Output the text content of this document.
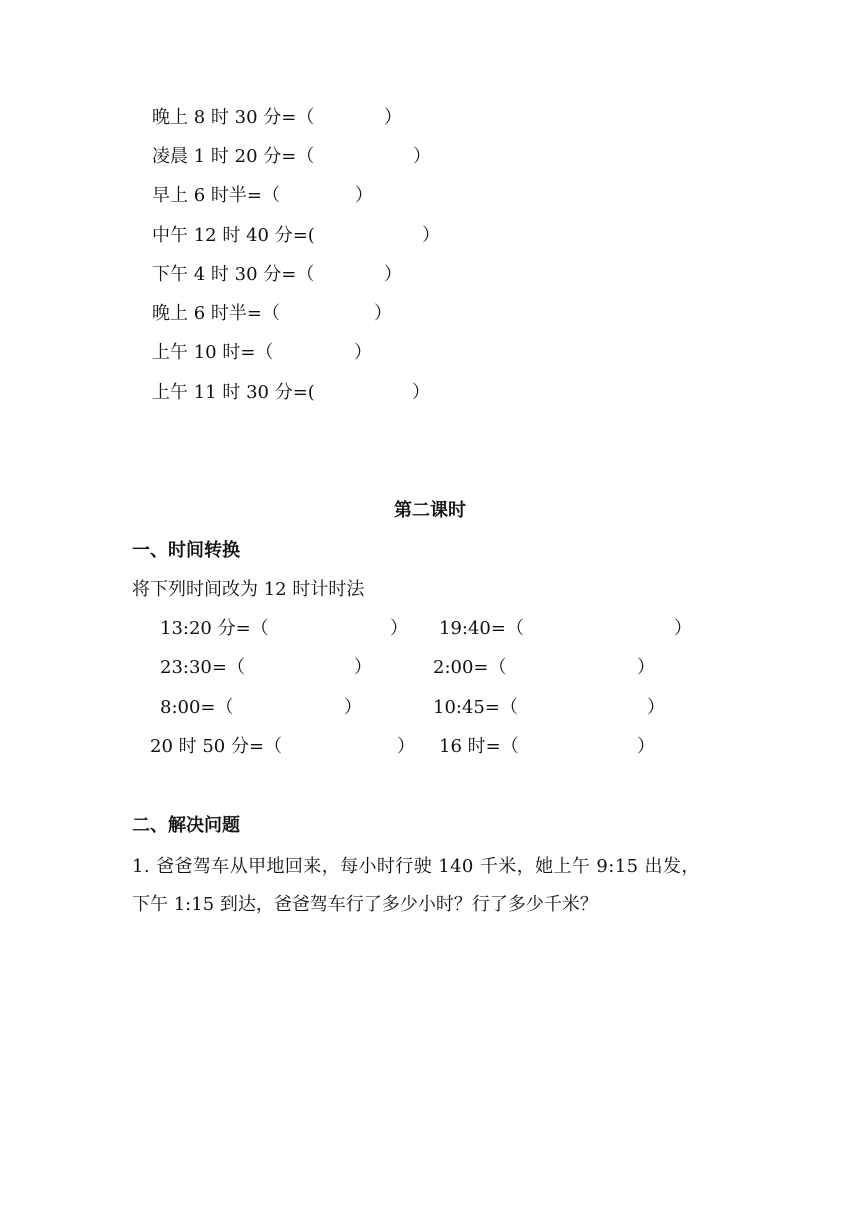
晚上 8 时 30 分=（	）
凌晨 1 时 20 分=（	）
早上 6 时半=（	）
中午 12 时 40 分=(	）
下午 4 时 30 分=（	）
晚上 6 时半=（	）
上午 10 时=（	）
上午 11 时 30 分=(	）
第二课时
一、时间转换
将下列时间改为 12 时计时法
13:20 分=（	） 19:40=（	）
23:30=（	）	2:00=（	）
8:00=（	）	10:45=（	）
20 时 50 分=（	） 16 时=（	）
二、解决问题
1. 爸爸驾车从甲地回来，每小时行驶 140 千米，她上午 9:15 出发，
下午 1:15 到达，爸爸驾车行了多少小时？行了多少千米？
